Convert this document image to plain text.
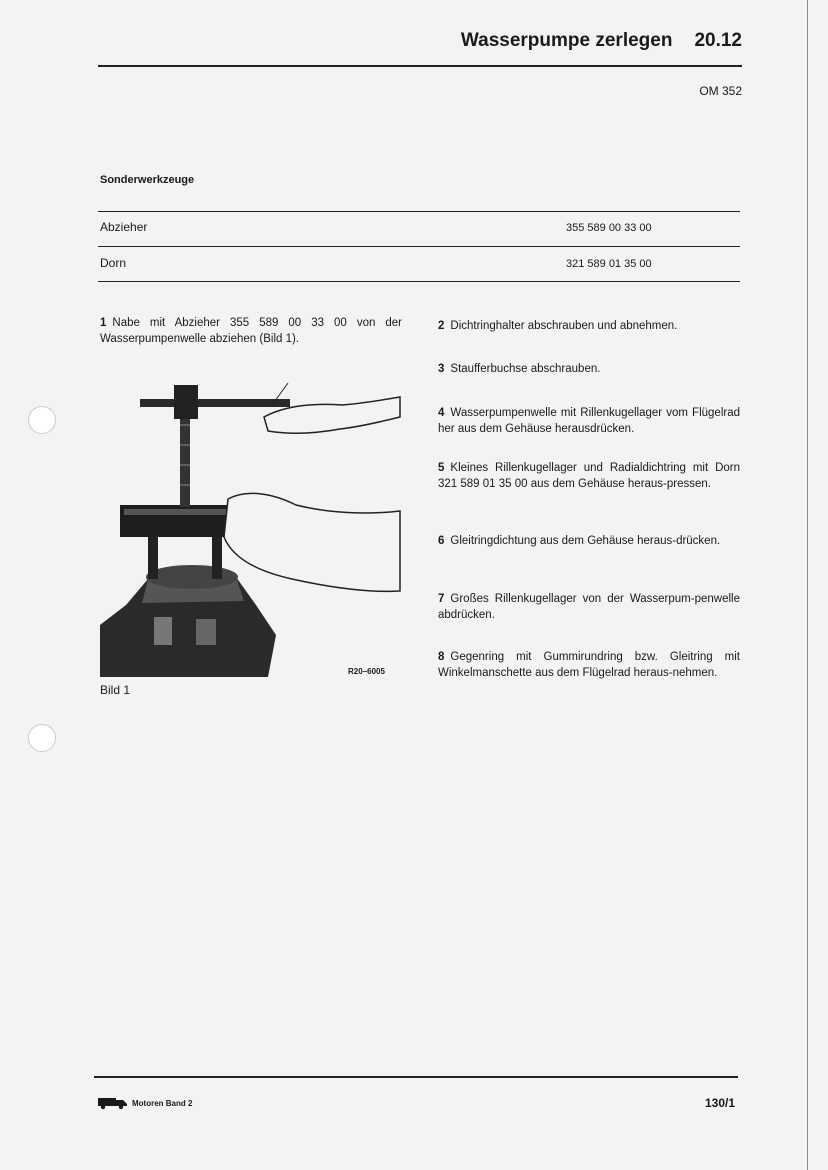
Wasserpumpe zerlegen 20.12
OM 352
Sonderwerkzeuge
Abzieher	355 589 00 33 00
Dorn	321 589 01 35 00
1 Nabe mit Abzieher 355 589 00 33 00 von der Wasserpumpenwelle abziehen (Bild 1).
R20–6005
Bild 1
2 Dichtringhalter abschrauben und abnehmen.
3 Staufferbuchse abschrauben.
4 Wasserpumpenwelle mit Rillenkugellager vom Flügelrad her aus dem Gehäuse herausdrücken.
5 Kleines Rillenkugellager und Radialdichtring mit Dorn 321 589 01 35 00 aus dem Gehäuse heraus-pressen.
6 Gleitringdichtung aus dem Gehäuse heraus-drücken.
7 Großes Rillenkugellager von der Wasserpum-penwelle abdrücken.
8 Gegenring mit Gummirundring bzw. Gleitring mit Winkelmanschette aus dem Flügelrad heraus-nehmen.
Motoren Band 2	130/1
